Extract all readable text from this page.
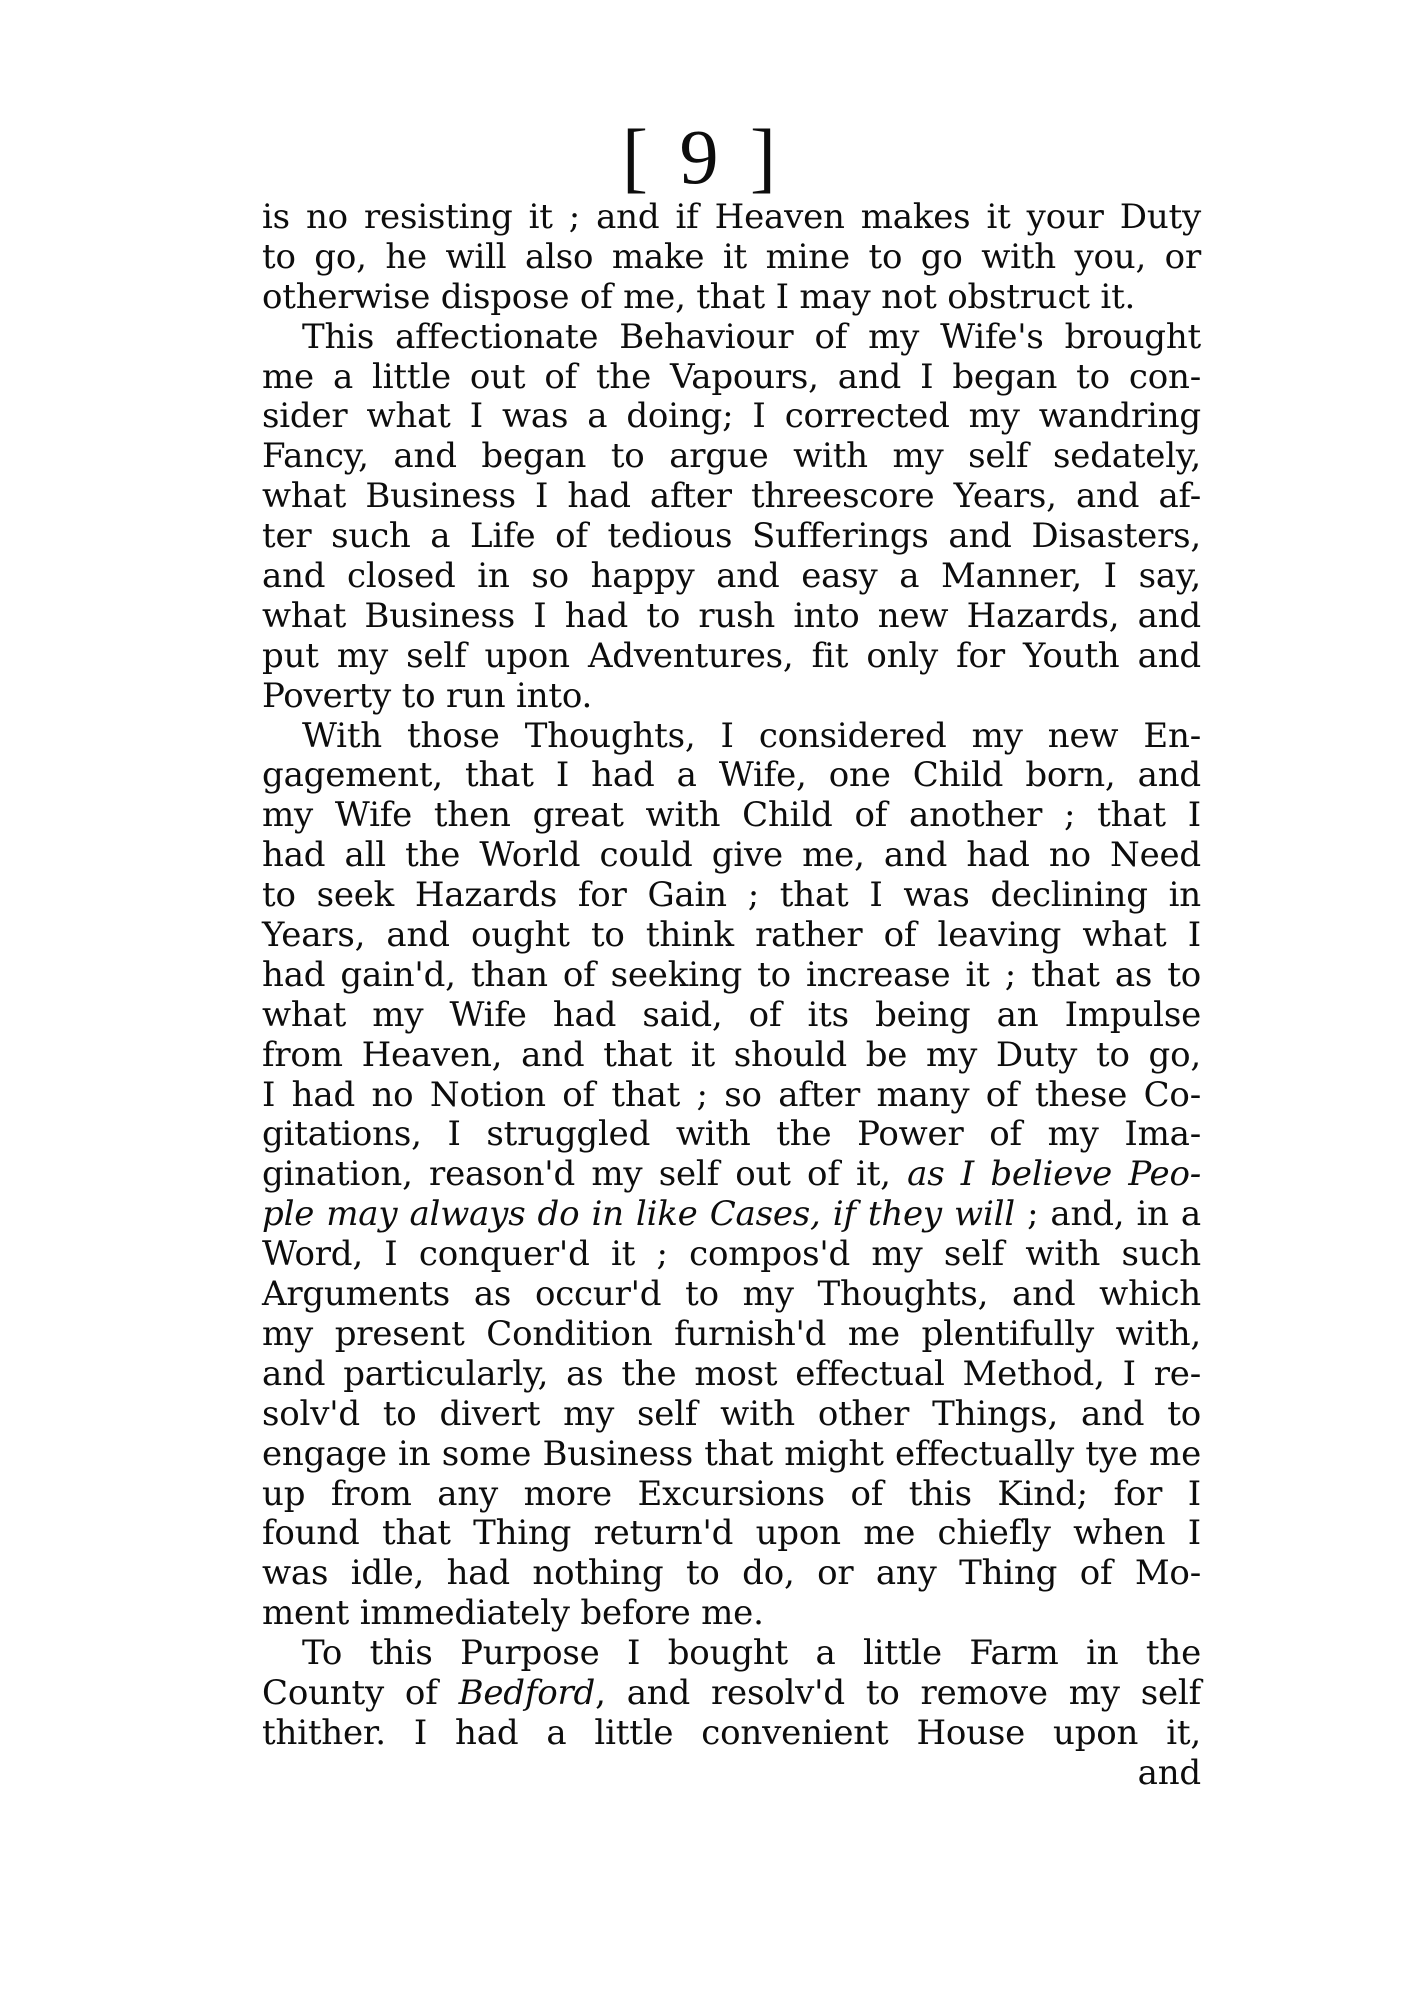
[ 9 ]

is no resisting it ; and if Heaven makes it your Duty
to go, he will also make it mine to go with you, or
otherwise dispose of me, that I may not obstruct it.

This affectionate Behaviour of my Wife's brought
me a little out of the Vapours, and I began to con-
sider what I was a doing; I corrected my wandring
Fancy, and began to argue with my self sedately,
what Business I had after threescore Years, and af-
ter such a Life of tedious Sufferings and Disasters,
and closed in so happy and easy a Manner, I say,
what Business I had to rush into new Hazards, and
put my self upon Adventures, fit only for Youth and
Poverty to run into.

With those Thoughts, I considered my new En-
gagement, that I had a Wife, one Child born, and
my Wife then great with Child of another ; that I
had all the World could give me, and had no Need
to seek Hazards for Gain ; that I was declining in
Years, and ought to think rather of leaving what I
had gain'd, than of seeking to increase it ; that as to
what my Wife had said, of its being an Impulse
from Heaven, and that it should be my Duty to go,
I had no Notion of that ; so after many of these Co-
gitations, I struggled with the Power of my Ima-
gination, reason'd my self out of it, as I believe Peo-
ple may always do in like Cases, if they will ; and, in a
Word, I conquer'd it ; compos'd my self with such
Arguments as occur'd to my Thoughts, and which
my present Condition furnish'd me plentifully with,
and particularly, as the most effectual Method, I re-
solv'd to divert my self with other Things, and to
engage in some Business that might effectually tye me
up from any more Excursions of this Kind; for I
found that Thing return'd upon me chiefly when I
was idle, had nothing to do, or any Thing of Mo-
ment immediately before me.

To this Purpose I bought a little Farm in the
County of Bedford, and resolv'd to remove my self
thither. I had a little convenient House upon it,

and
